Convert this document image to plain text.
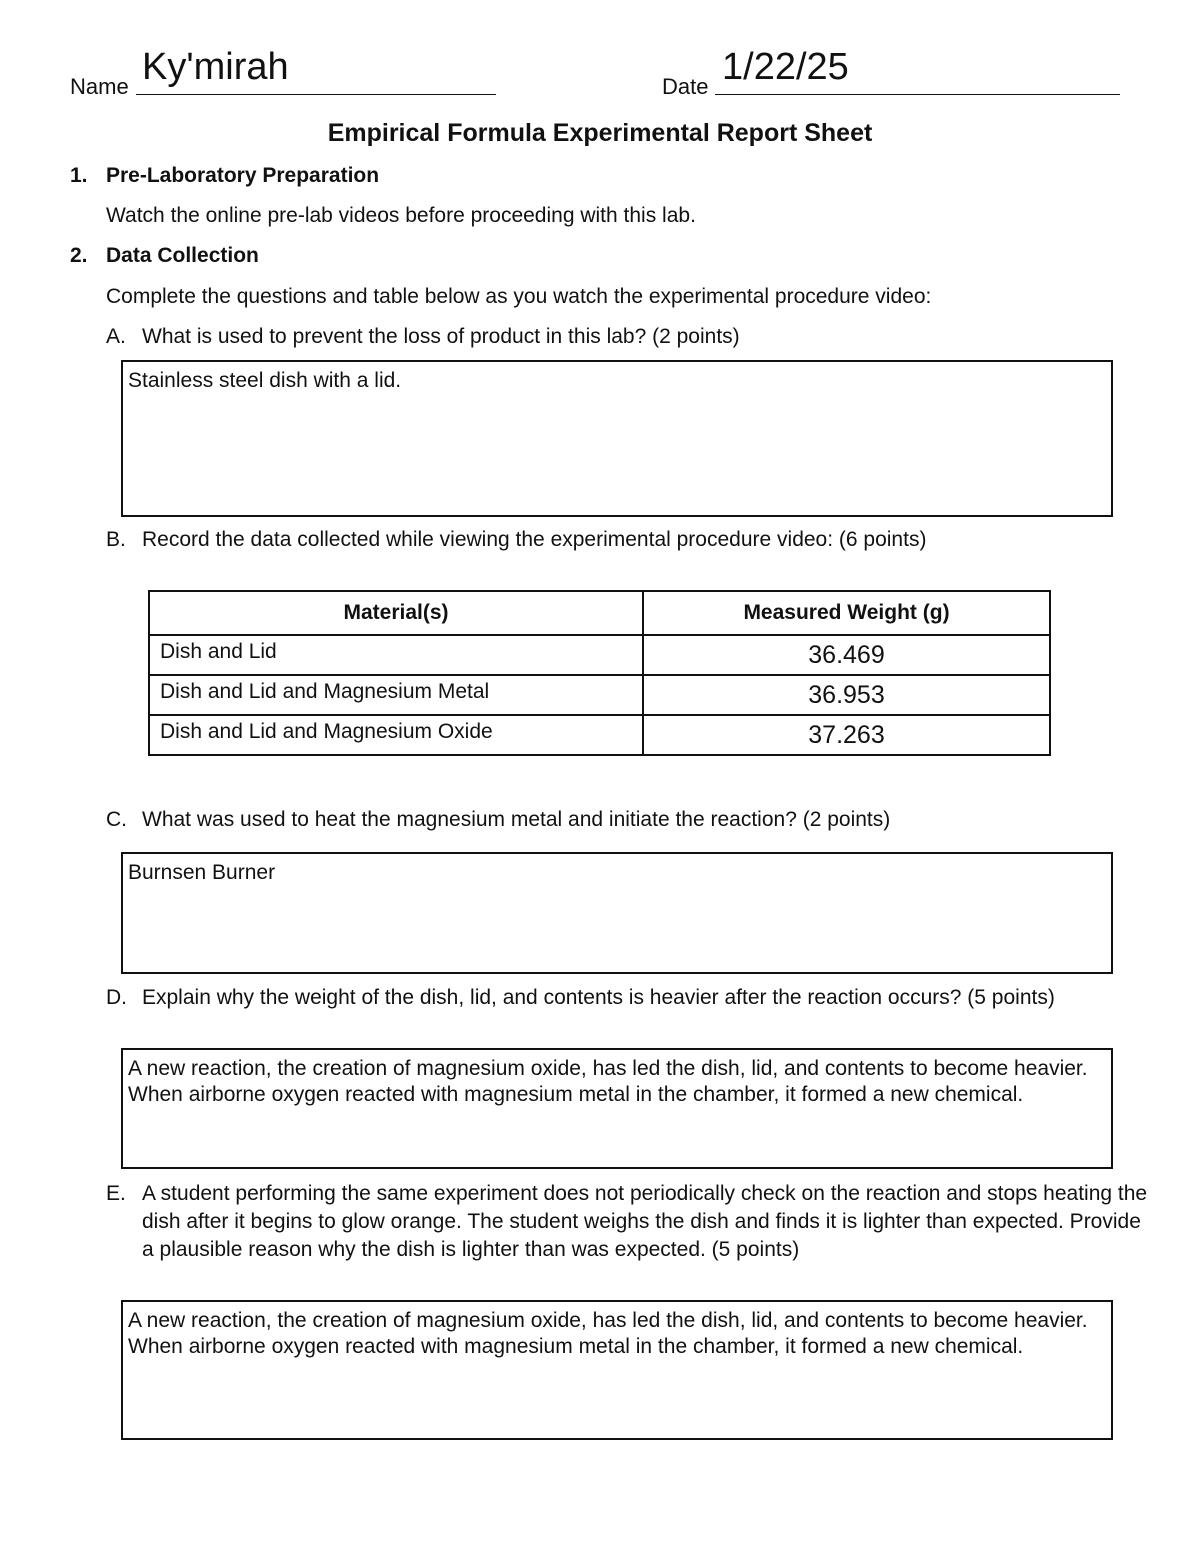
Name Ky'mirah	Date 1/22/25
Empirical Formula Experimental Report Sheet
1. Pre-Laboratory Preparation
Watch the online pre-lab videos before proceeding with this lab.
2. Data Collection
Complete the questions and table below as you watch the experimental procedure video:
A. What is used to prevent the loss of product in this lab? (2 points)
Stainless steel dish with a lid.
B. Record the data collected while viewing the experimental procedure video: (6 points)
Material(s)	Measured Weight (g)
Dish and Lid	36.469
Dish and Lid and Magnesium Metal	36.953
Dish and Lid and Magnesium Oxide	37.263
C. What was used to heat the magnesium metal and initiate the reaction? (2 points)
Burnsen Burner
D. Explain why the weight of the dish, lid, and contents is heavier after the reaction occurs? (5 points)
A new reaction, the creation of magnesium oxide, has led the dish, lid, and contents to become heavier. When airborne oxygen reacted with magnesium metal in the chamber, it formed a new chemical.
E. A student performing the same experiment does not periodically check on the reaction and stops heating the dish after it begins to glow orange. The student weighs the dish and finds it is lighter than expected. Provide a plausible reason why the dish is lighter than was expected. (5 points)
A new reaction, the creation of magnesium oxide, has led the dish, lid, and contents to become heavier. When airborne oxygen reacted with magnesium metal in the chamber, it formed a new chemical.
